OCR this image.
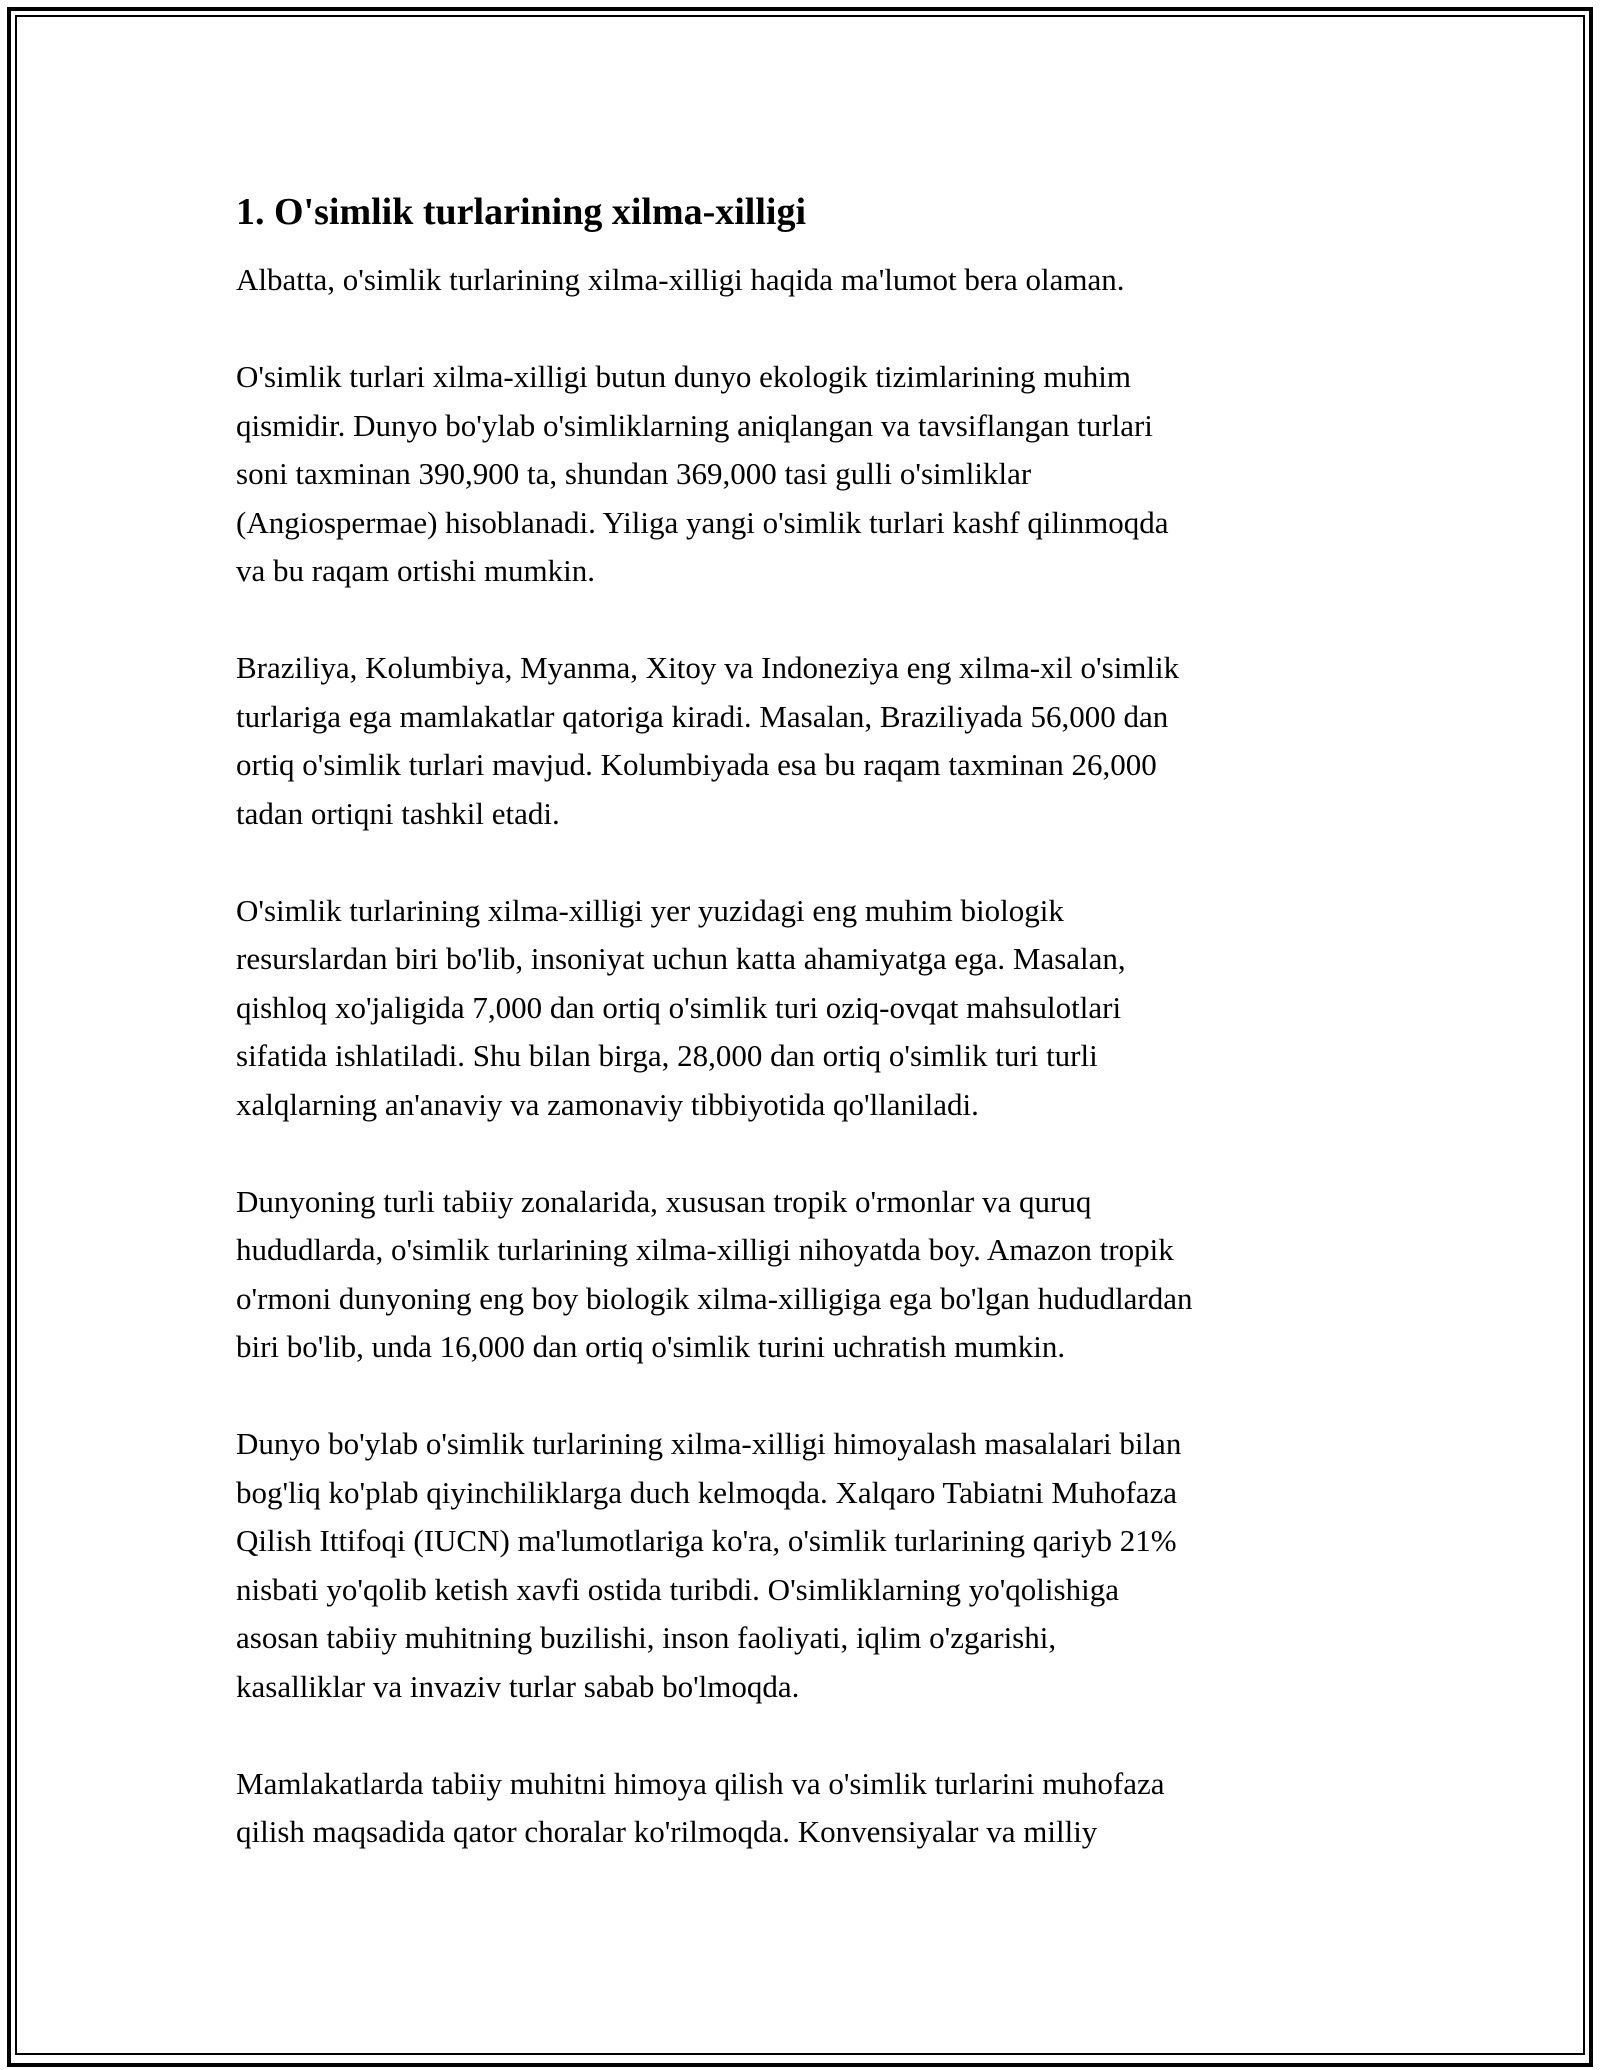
1. O'simlik turlarining xilma-xilligi

Albatta, o'simlik turlarining xilma-xilligi haqida ma'lumot bera olaman.

O'simlik turlari xilma-xilligi butun dunyo ekologik tizimlarining muhim
qismidir. Dunyo bo'ylab o'simliklarning aniqlangan va tavsiflangan turlari
soni taxminan 390,900 ta, shundan 369,000 tasi gulli o'simliklar
(Angiospermae) hisoblanadi. Yiliga yangi o'simlik turlari kashf qilinmoqda
va bu raqam ortishi mumkin.

Braziliya, Kolumbiya, Myanma, Xitoy va Indoneziya eng xilma-xil o'simlik
turlariga ega mamlakatlar qatoriga kiradi. Masalan, Braziliyada 56,000 dan
ortiq o'simlik turlari mavjud. Kolumbiyada esa bu raqam taxminan 26,000
tadan ortiqni tashkil etadi.

O'simlik turlarining xilma-xilligi yer yuzidagi eng muhim biologik
resurslardan biri bo'lib, insoniyat uchun katta ahamiyatga ega. Masalan,
qishloq xo'jaligida 7,000 dan ortiq o'simlik turi oziq-ovqat mahsulotlari
sifatida ishlatiladi. Shu bilan birga, 28,000 dan ortiq o'simlik turi turli
xalqlarning an'anaviy va zamonaviy tibbiyotida qo'llaniladi.

Dunyoning turli tabiiy zonalarida, xususan tropik o'rmonlar va quruq
hududlarda, o'simlik turlarining xilma-xilligi nihoyatda boy. Amazon tropik
o'rmoni dunyoning eng boy biologik xilma-xilligiga ega bo'lgan hududlardan
biri bo'lib, unda 16,000 dan ortiq o'simlik turini uchratish mumkin.

Dunyo bo'ylab o'simlik turlarining xilma-xilligi himoyalash masalalari bilan
bog'liq ko'plab qiyinchiliklarga duch kelmoqda. Xalqaro Tabiatni Muhofaza
Qilish Ittifoqi (IUCN) ma'lumotlariga ko'ra, o'simlik turlarining qariyb 21%
nisbati yo'qolib ketish xavfi ostida turibdi. O'simliklarning yo'qolishiga
asosan tabiiy muhitning buzilishi, inson faoliyati, iqlim o'zgarishi,
kasalliklar va invaziv turlar sabab bo'lmoqda.

Mamlakatlarda tabiiy muhitni himoya qilish va o'simlik turlarini muhofaza
qilish maqsadida qator choralar ko'rilmoqda. Konvensiyalar va milliy
